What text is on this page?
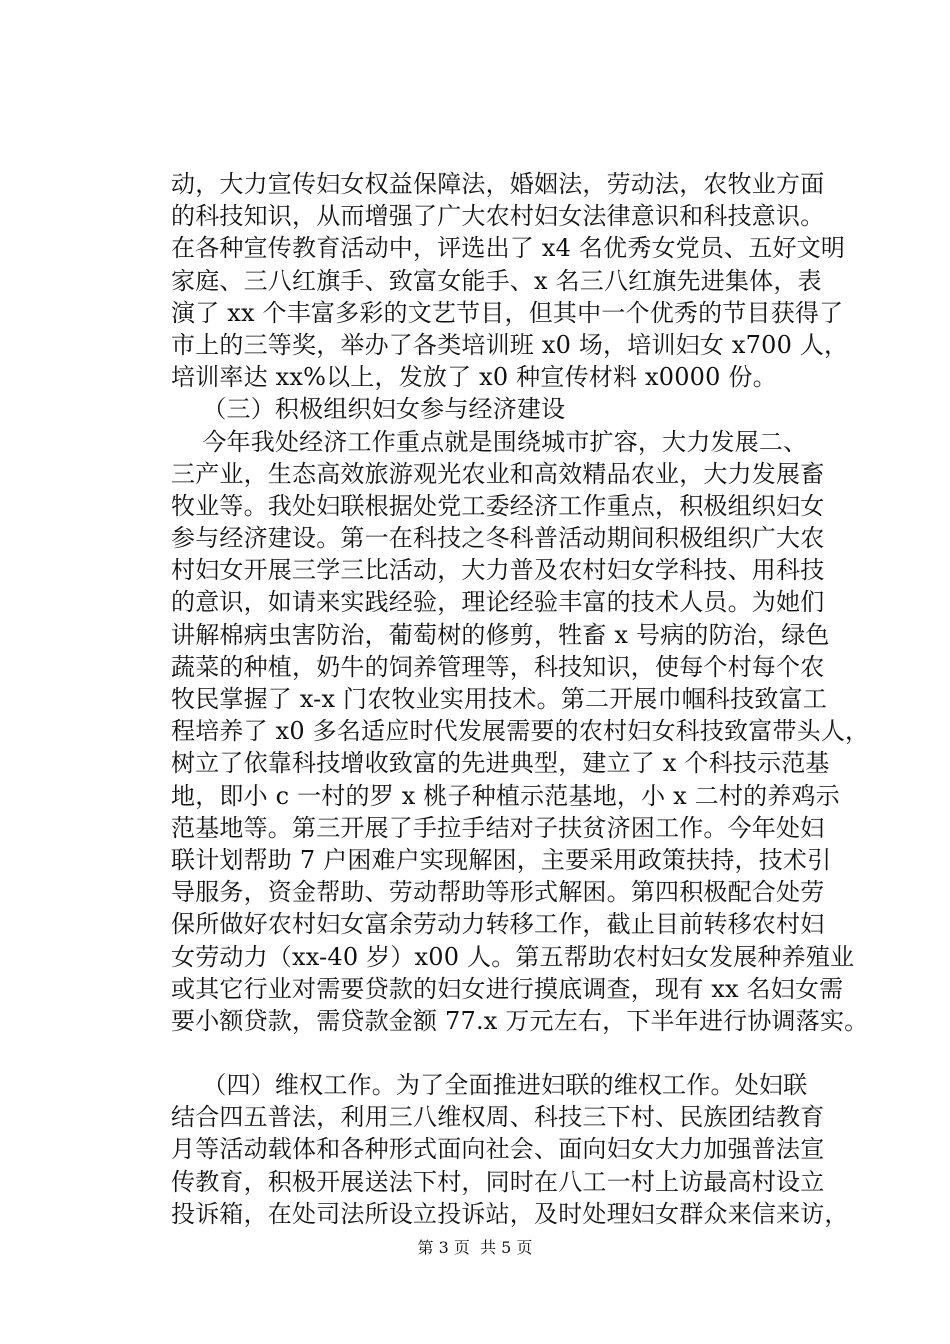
动，大力宣传妇女权益保障法，婚姻法，劳动法，农牧业方面
的科技知识，从而增强了广大农村妇女法律意识和科技意识。
在各种宣传教育活动中，评选出了 x4 名优秀女党员、五好文明
家庭、三八红旗手、致富女能手、x 名三八红旗先进集体，表
演了 xx 个丰富多彩的文艺节目，但其中一个优秀的节目获得了
市上的三等奖，举办了各类培训班 x0 场，培训妇女 x700 人，
培训率达 xx%以上，发放了 x0 种宣传材料 x0000 份。
（三）积极组织妇女参与经济建设
今年我处经济工作重点就是围绕城市扩容，大力发展二、
三产业，生态高效旅游观光农业和高效精品农业，大力发展畜
牧业等。我处妇联根据处党工委经济工作重点，积极组织妇女
参与经济建设。第一在科技之冬科普活动期间积极组织广大农
村妇女开展三学三比活动，大力普及农村妇女学科技、用科技
的意识，如请来实践经验，理论经验丰富的技术人员。为她们
讲解棉病虫害防治，葡萄树的修剪，牲畜 x 号病的防治，绿色
蔬菜的种植，奶牛的饲养管理等，科技知识，使每个村每个农
牧民掌握了 x-x 门农牧业实用技术。第二开展巾帼科技致富工
程培养了 x0 多名适应时代发展需要的农村妇女科技致富带头人，
树立了依靠科技增收致富的先进典型，建立了 x 个科技示范基
地，即小 c 一村的罗 x 桃子种植示范基地，小 x 二村的养鸡示
范基地等。第三开展了手拉手结对子扶贫济困工作。今年处妇
联计划帮助 7 户困难户实现解困，主要采用政策扶持，技术引
导服务，资金帮助、劳动帮助等形式解困。第四积极配合处劳
保所做好农村妇女富余劳动力转移工作，截止目前转移农村妇
女劳动力（xx-40 岁）x00 人。第五帮助农村妇女发展种养殖业
或其它行业对需要贷款的妇女进行摸底调查，现有 xx 名妇女需
要小额贷款，需贷款金额 77.x 万元左右，下半年进行协调落实。
（四）维权工作。为了全面推进妇联的维权工作。处妇联
结合四五普法，利用三八维权周、科技三下村、民族团结教育
月等活动载体和各种形式面向社会、面向妇女大力加强普法宣
传教育，积极开展送法下村，同时在八工一村上访最高村设立
投诉箱，在处司法所设立投诉站，及时处理妇女群众来信来访，
第 3 页  共 5 页
